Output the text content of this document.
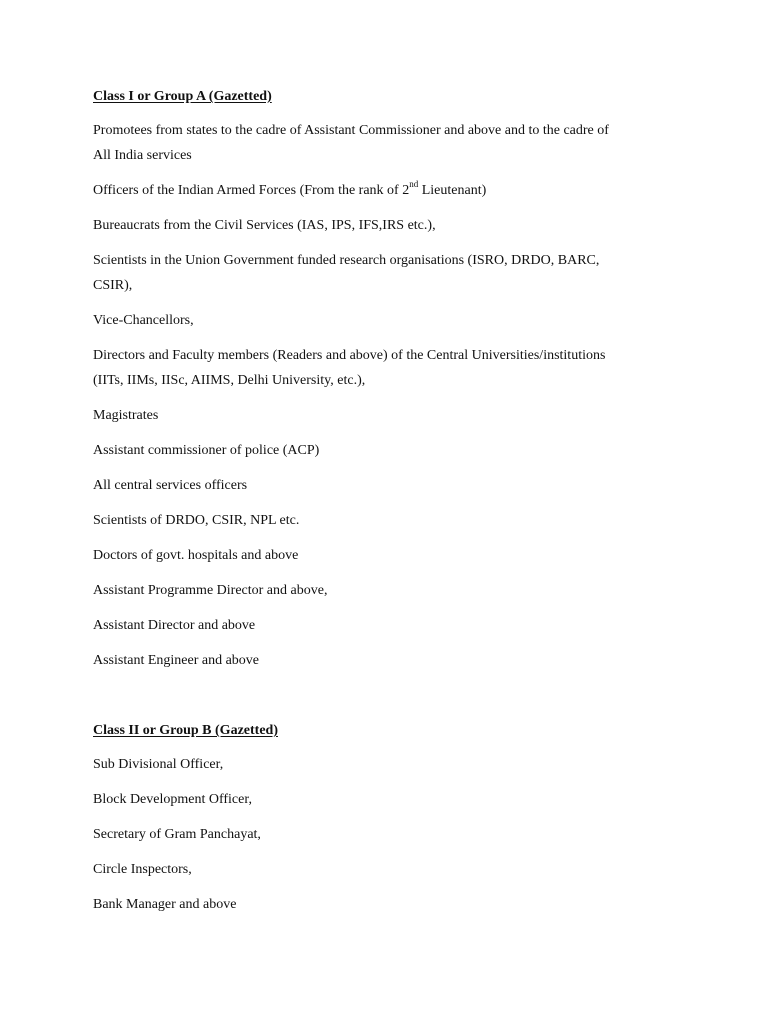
Class I or Group A (Gazetted)

Promotees from states to the cadre of Assistant Commissioner and above and to the cadre of

All India services

Officers of the Indian Armed Forces (From the rank of 2nd Lieutenant)

Bureaucrats from the Civil Services (IAS, IPS, IFS,IRS etc.),

Scientists in the Union Government funded research organisations (ISRO, DRDO, BARC,

CSIR),

Vice-Chancellors,

Directors and Faculty members (Readers and above) of the Central Universities/institutions

(IITs, IIMs, IISc, AIIMS, Delhi University, etc.),

Magistrates

Assistant commissioner of police (ACP)

All central services officers

Scientists of DRDO, CSIR, NPL etc.

Doctors of govt. hospitals and above

Assistant Programme Director and above,

Assistant Director and above

Assistant Engineer and above

Class II or Group B (Gazetted)

Sub Divisional Officer,

Block Development Officer,

Secretary of Gram Panchayat,

Circle Inspectors,

Bank Manager and above
